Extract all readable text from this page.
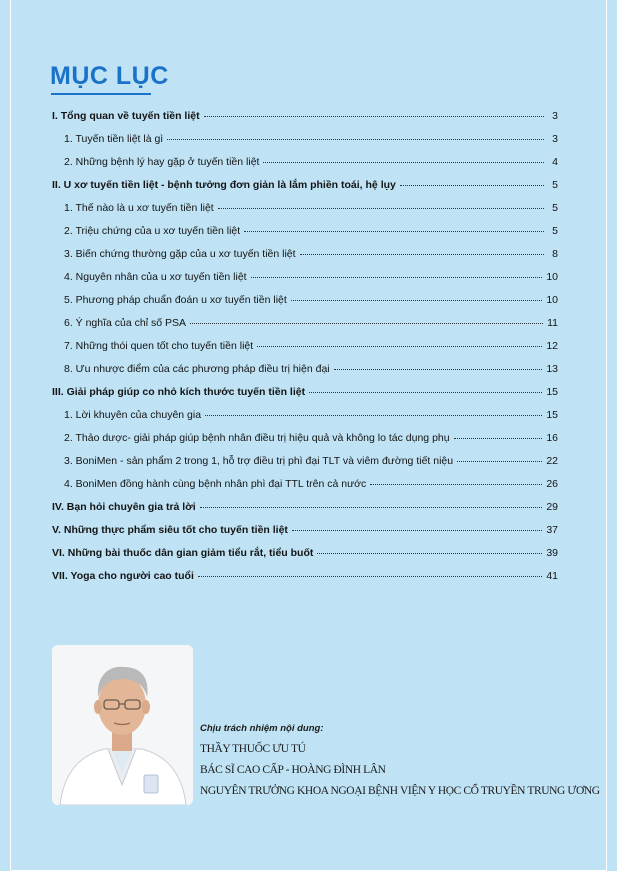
MỤC LỤC
I. Tổng quan về tuyến tiền liệt	3
1. Tuyến tiền liệt là gì	3
2. Những bệnh lý hay gặp ở tuyến tiền liệt	4
II. U xơ tuyến tiền liệt - bệnh tưởng đơn giản là lắm phiền toái, hệ lụy	5
1. Thế nào là u xơ tuyến tiền liệt	5
2. Triệu chứng của u xơ tuyến tiền liệt	5
3. Biến chứng thường gặp của u xơ tuyến tiền liệt	8
4. Nguyên nhân của u xơ tuyến tiền liệt	10
5. Phương pháp chuẩn đoán u xơ tuyến tiền liệt	10
6. Ý nghĩa của chỉ số PSA	11
7. Những thói quen tốt cho tuyến tiền liệt	12
8. Ưu nhược điểm của các phương pháp điều trị hiện đại	13
III. Giải pháp giúp co nhỏ kích thước tuyến tiền liệt	15
1. Lời khuyên của chuyên gia	15
2. Thảo dược- giải pháp giúp bệnh nhân điều trị hiệu quả và không lo tác dụng phụ	16
3. BoniMen - sản phẩm 2 trong 1, hỗ trợ điều trị phì đại TLT và viêm đường tiết niệu	22
4. BoniMen đồng hành cùng bệnh nhân phì đại TTL trên cả nước	26
IV. Bạn hỏi chuyên gia trả lời	29
V. Những thực phẩm siêu tốt cho tuyến tiền liệt	37
VI. Những bài thuốc dân gian giảm tiểu rắt, tiểu buốt	39
VII. Yoga cho người cao tuổi	41
Chịu trách nhiệm nội dung:
THẦY THUỐC ƯU TÚ
BÁC SĨ CAO CẤP - HOÀNG ĐÌNH LÂN
NGUYÊN TRƯỞNG KHOA NGOẠI BỆNH VIỆN Y HỌC CỔ TRUYỀN TRUNG ƯƠNG
